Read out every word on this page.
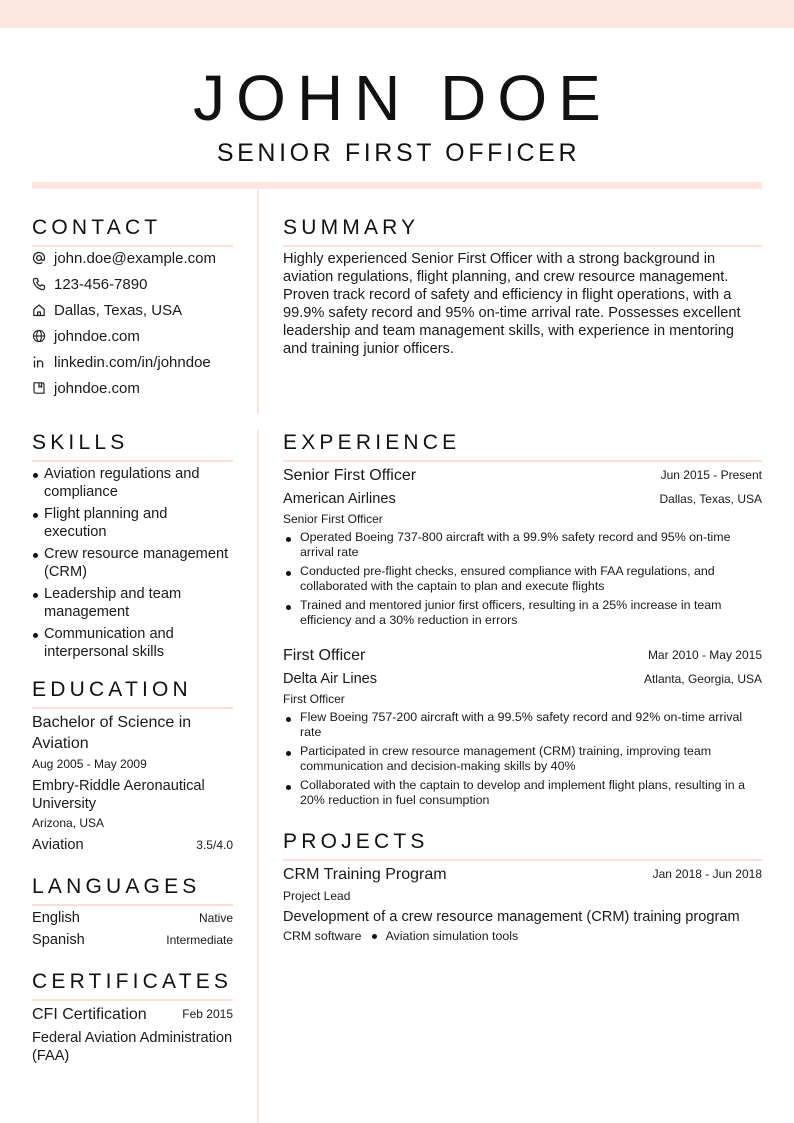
JOHN DOE
SENIOR FIRST OFFICER
CONTACT
john.doe@example.com
123-456-7890
Dallas, Texas, USA
johndoe.com
linkedin.com/in/johndoe
johndoe.com
SKILLS
Aviation regulations and compliance
Flight planning and execution
Crew resource management (CRM)
Leadership and team management
Communication and interpersonal skills
EDUCATION
Bachelor of Science in Aviation
Aug 2005 - May 2009
Embry-Riddle Aeronautical University
Arizona, USA
Aviation	3.5/4.0
LANGUAGES
English	Native
Spanish	Intermediate
CERTIFICATES
CFI Certification	Feb 2015
Federal Aviation Administration (FAA)
SUMMARY
Highly experienced Senior First Officer with a strong background in aviation regulations, flight planning, and crew resource management. Proven track record of safety and efficiency in flight operations, with a 99.9% safety record and 95% on-time arrival rate. Possesses excellent leadership and team management skills, with experience in mentoring and training junior officers.
EXPERIENCE
Senior First Officer	Jun 2015 - Present
American Airlines	Dallas, Texas, USA
Senior First Officer
Operated Boeing 737-800 aircraft with a 99.9% safety record and 95% on-time arrival rate
Conducted pre-flight checks, ensured compliance with FAA regulations, and collaborated with the captain to plan and execute flights
Trained and mentored junior first officers, resulting in a 25% increase in team efficiency and a 30% reduction in errors
First Officer	Mar 2010 - May 2015
Delta Air Lines	Atlanta, Georgia, USA
First Officer
Flew Boeing 757-200 aircraft with a 99.5% safety record and 92% on-time arrival rate
Participated in crew resource management (CRM) training, improving team communication and decision-making skills by 40%
Collaborated with the captain to develop and implement flight plans, resulting in a 20% reduction in fuel consumption
PROJECTS
CRM Training Program	Jan 2018 - Jun 2018
Project Lead
Development of a crew resource management (CRM) training program
CRM software Aviation simulation tools
